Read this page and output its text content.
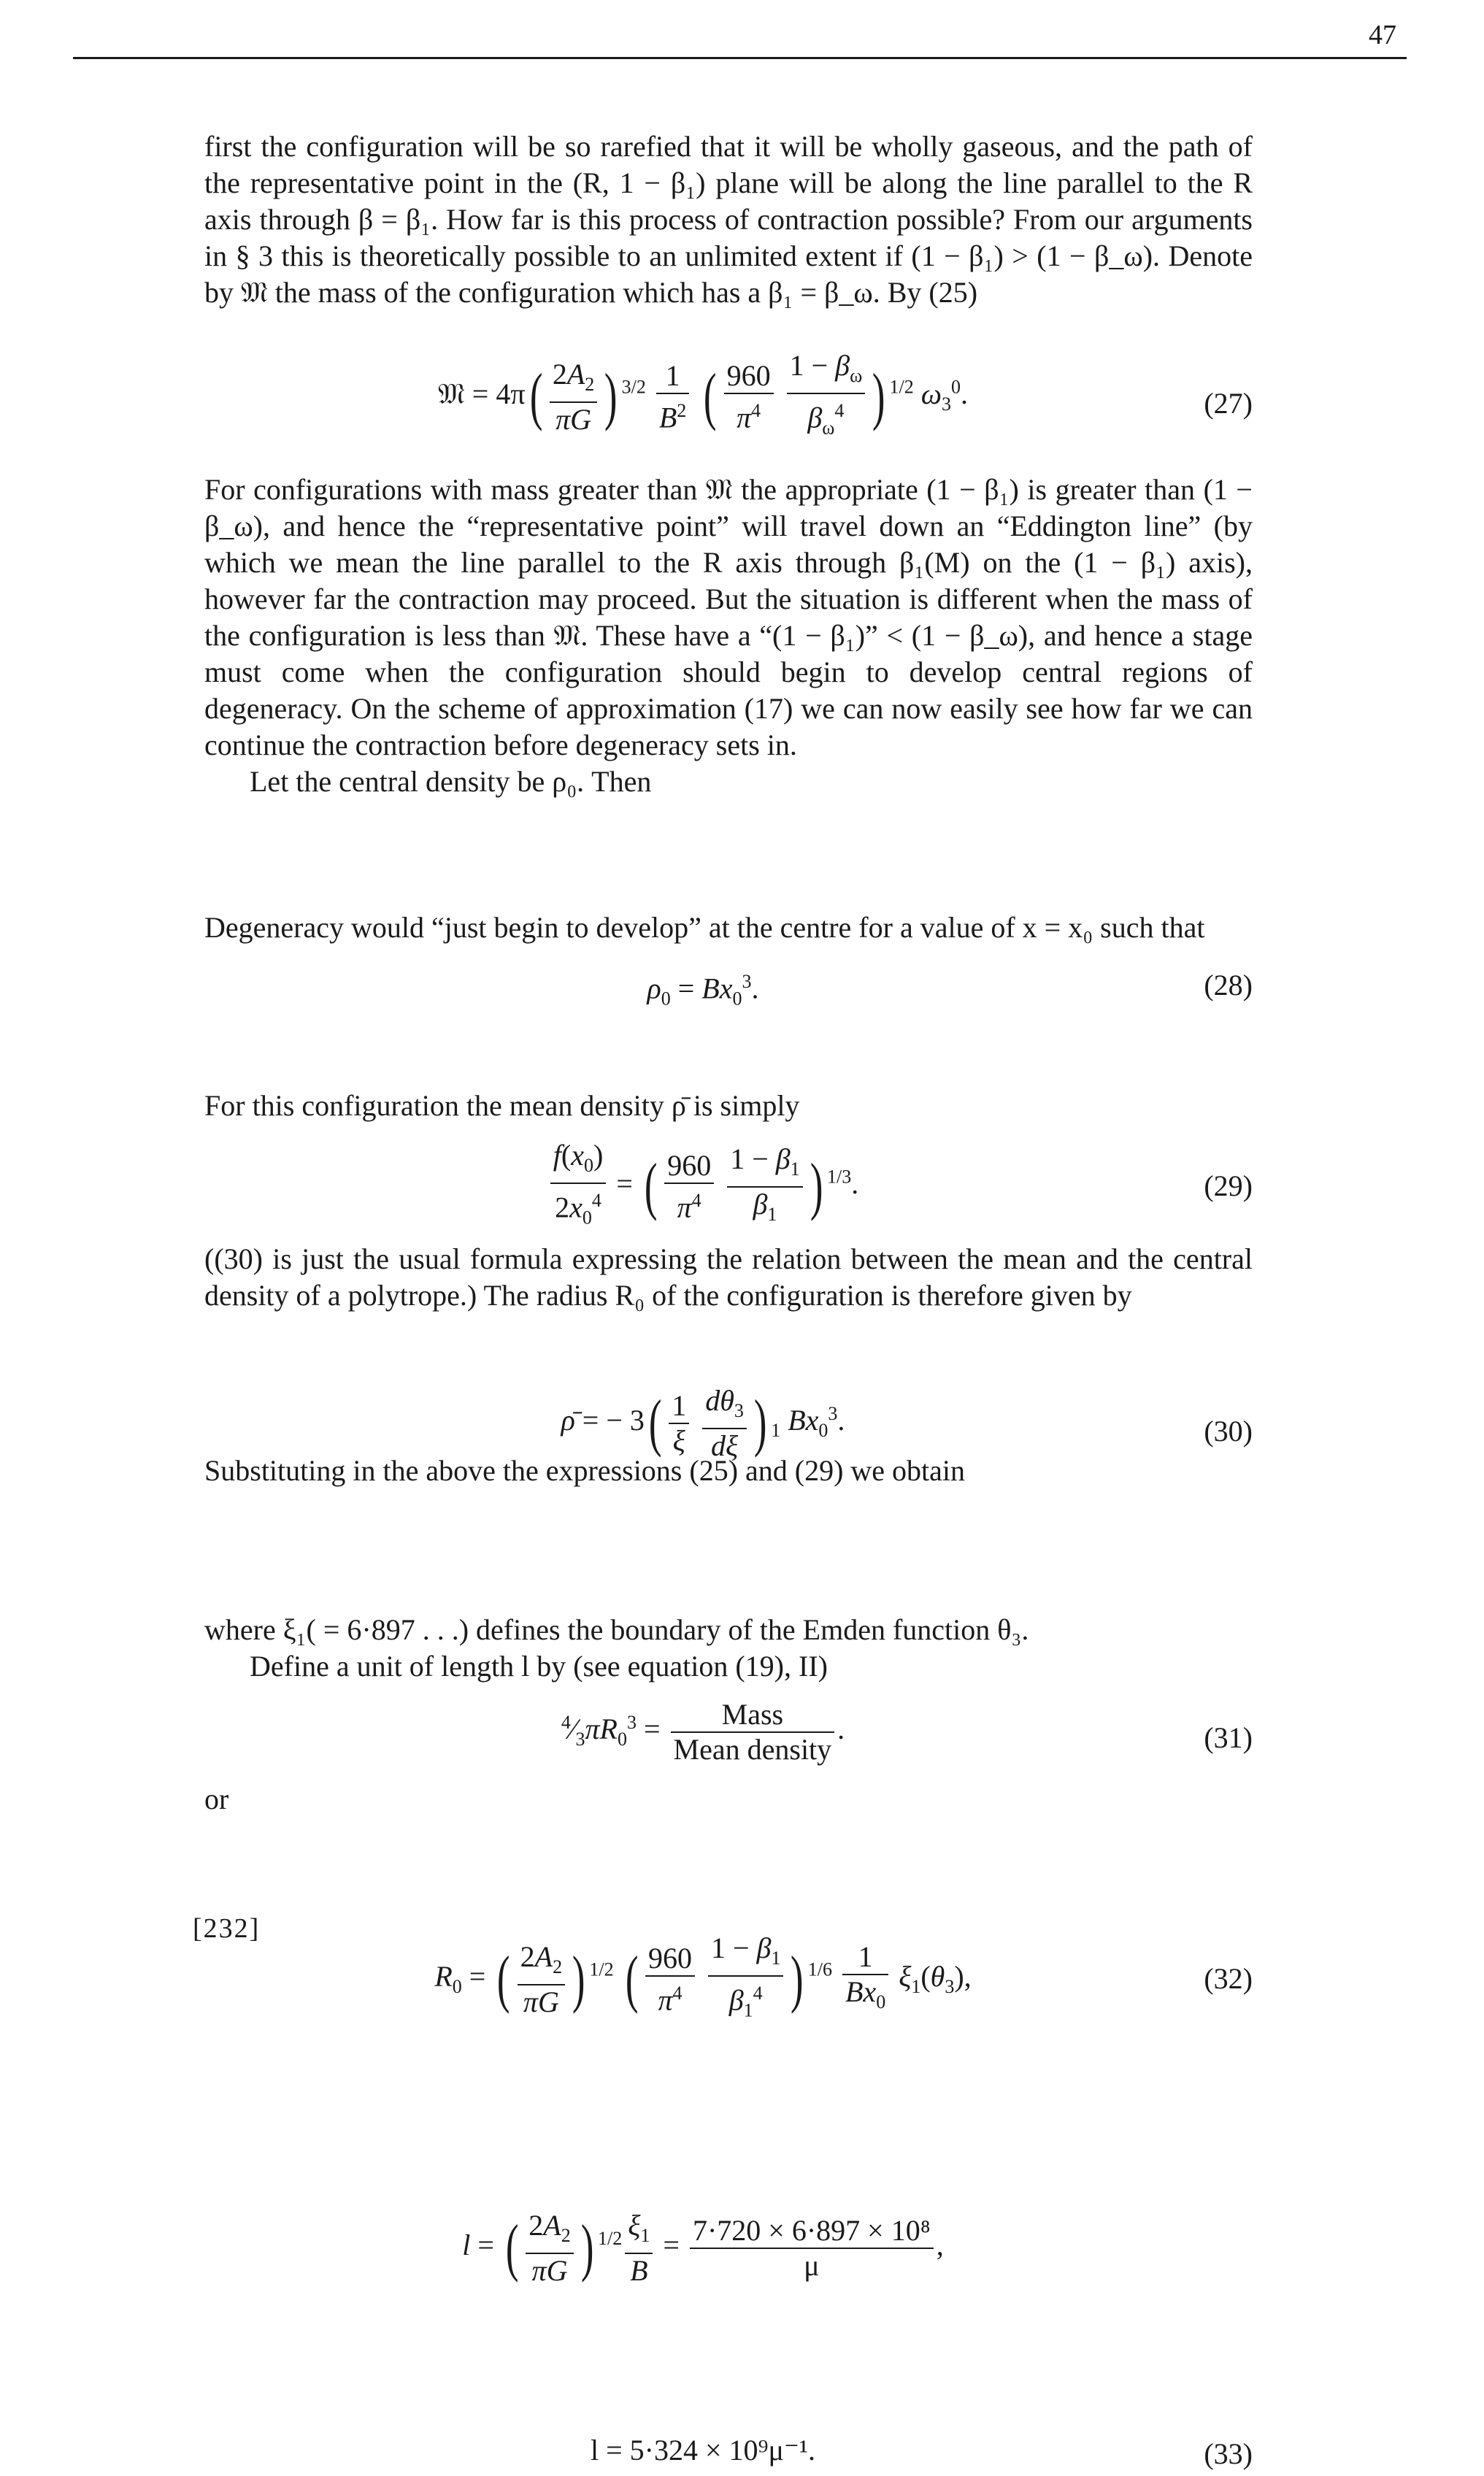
47

first the configuration will be so rarefied that it will be wholly gaseous, and the path of the representative point in the (R, 1 − β₁) plane will be along the line parallel to the R axis through β = β₁. How far is this process of contraction possible? From our arguments in § 3 this is theoretically possible to an unlimited extent if (1 − β₁) > (1 − β_ω). Denote by 𝔐 the mass of the configuration which has a β₁ = β_ω. By (25)

𝔐 = $4\pi( \frac{2A_2}{\pi G}$ ) $^{3/2} \frac{1}{B^2}$ ( $\frac{960}{\pi^4}$
$\frac{1 - \beta_\omega}{\beta_\omega^4}$ ) $^{1/2}$ $\omega_3^0$.	(27)

For configurations with mass greater than 𝔐 the appropriate (1 − β₁) is greater than (1 − β_ω), and hence the “representative point” will travel down an “Eddington line” (by which we mean the line parallel to the R axis through β₁(M) on the (1 − β₁) axis), however far the contraction may proceed. But the situation is different when the mass of the configuration is less than 𝔐. These have a “(1 − β₁)” < (1 − β_ω), and hence a stage must come when the configuration should begin to develop central regions of degeneracy. On the scheme of approximation (17) we can now easily see how far we can continue the contraction before degeneracy sets in.

Let the central density be ρ₀. Then

$\rho_0 = Bx_0^3$.	(28)

Degeneracy would “just begin to develop” at the centre for a value of x = x₀ such that

$\frac{f(x_0)}{2x_0^4}$ = ( $\frac{960}{\pi^4}$
$\frac{1 - \beta_1}{\beta_1}$ ) $^{1/3}$.	(29)

For this configuration the mean density ρ̄ is simply

ρ̄ = − $3( \frac{1}{\xi}$
$\frac{d\theta_3}{d\xi}$ ) $_1$ $Bx_0^3$.	(30)

((30) is just the usual formula expressing the relation between the mean and the central density of a polytrope.) The radius R₀ of the configuration is therefore given by

$^4⁄_3\pi R_0^3 = \frac{\text{Mass}}{\text{Mean density}}$ .	(31)

Substituting in the above the expressions (25) and (29) we obtain

$R_0$ = ( $\frac{2A_2}{\pi G}$ ) $^{1/2}$ ( $\frac{960}{\pi^4}$
$\frac{1 - \beta_1}{\beta_1^4}$ ) $^{1/6} \frac{1}{Bx_0} \xi_1(\theta_3)$,	(32)

where ξ₁( = 6·897 . . .) defines the boundary of the Emden function θ₃.

Define a unit of length l by (see equation (19), II)

l = ( $\frac{2A_2}{\pi G}$ ) $^{1/2} \frac{\xi_1}{B} = \frac{\text{7·720 × 6·897 × 10⁸}}{\mu}$ ,
or
l = 5·324 × 10⁹μ⁻¹.	(33)
[232]
